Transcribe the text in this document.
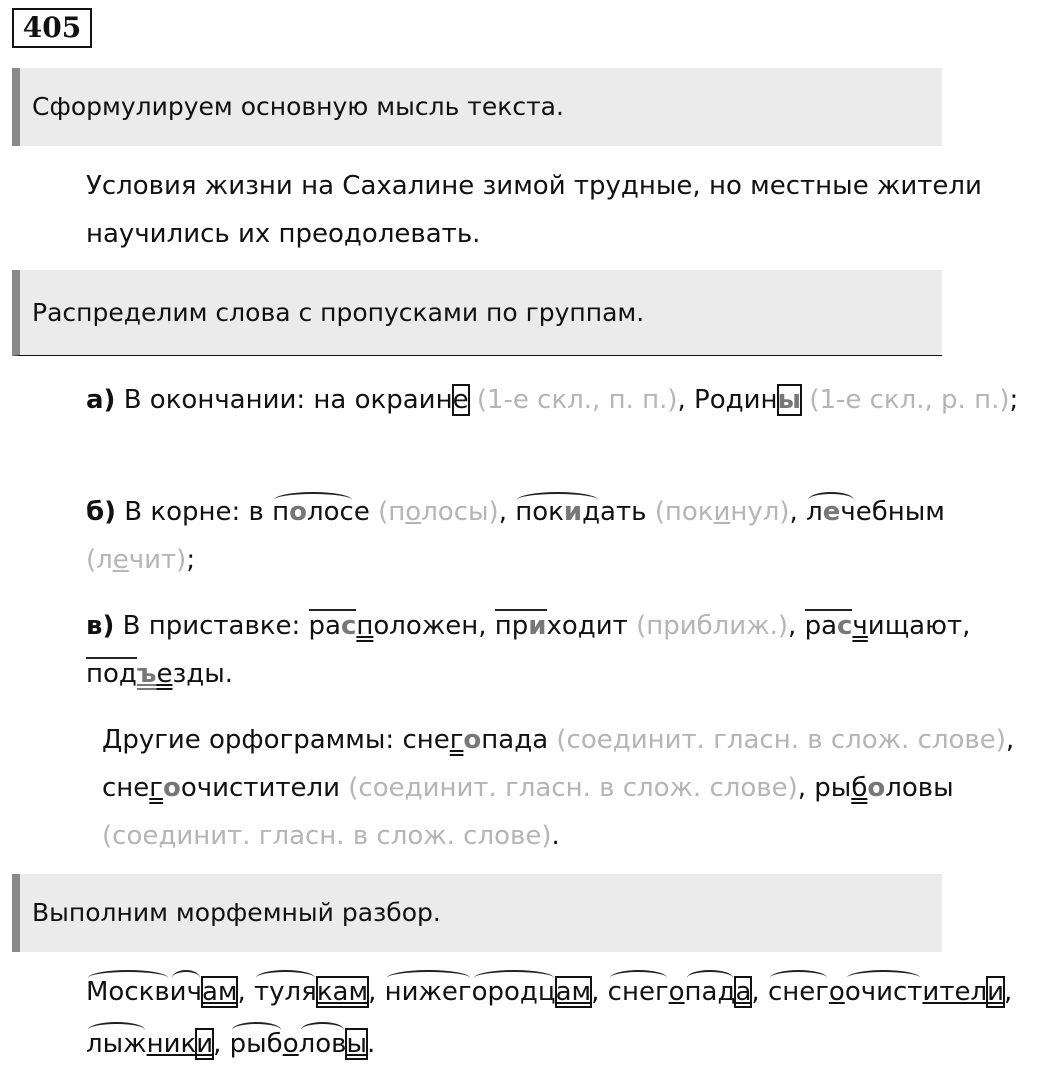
405
Сформулируем основную мысль текста.

Условия жизни на Сахалине зимой трудные, но местные жители научились их преодолевать.

Распределим слова с пропусками по группам.

а) В окончании: на окраине (1-е скл., п. п.), Родины (1-е скл., р. п.);

б) В корне: в полосе (полосы), покидать (покинул), лечебным (лечит);

в) В приставке: расположен, приходит (приближ.), расчищают, подъезды.

Другие орфограммы: снегопада (соединит. гласн. в слож. слове), снегоочистители (соединит. гласн. в слож. слове), рыболовы (соединит. гласн. в слож. слове).

Выполним морфемный разбор.

Москвичам, тулякам, нижегородцам, снегопада, снегоочистители, лыжники, рыболовы.
